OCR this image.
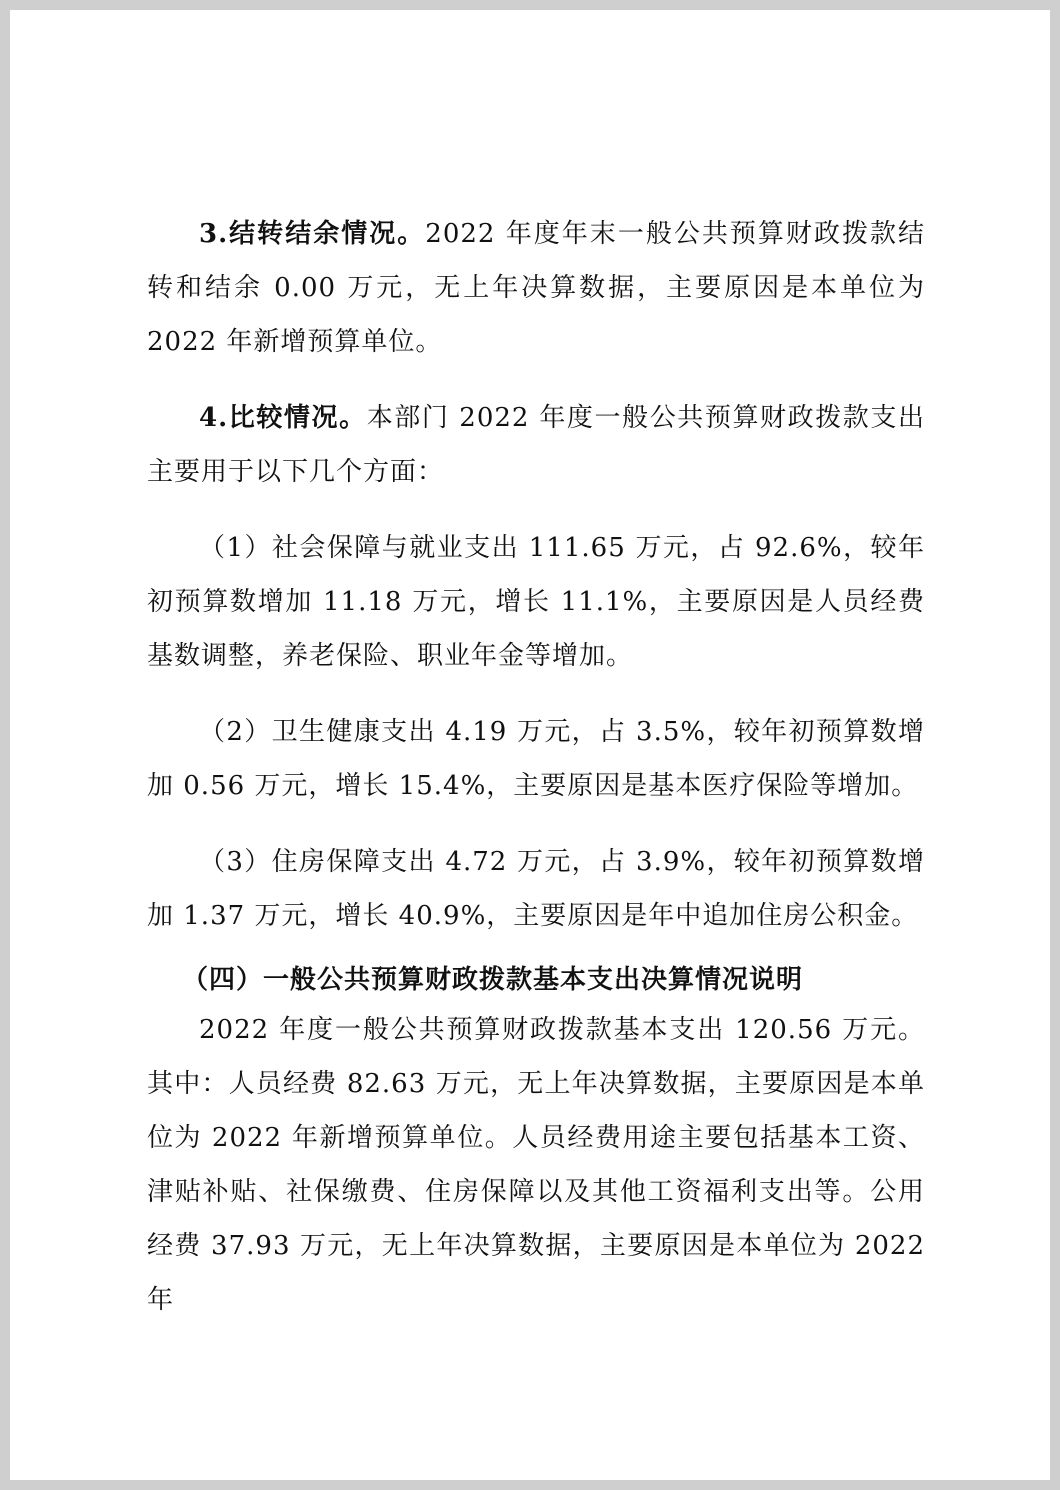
3.结转结余情况。2022 年度年末一般公共预算财政拨款结转和结余 0.00 万元，无上年决算数据，主要原因是本单位为 2022 年新增预算单位。

4.比较情况。本部门 2022 年度一般公共预算财政拨款支出主要用于以下几个方面：

（1）社会保障与就业支出 111.65 万元，占 92.6%，较年初预算数增加 11.18 万元，增长 11.1%，主要原因是人员经费基数调整，养老保险、职业年金等增加。

（2）卫生健康支出 4.19 万元，占 3.5%，较年初预算数增加 0.56 万元，增长 15.4%，主要原因是基本医疗保险等增加。

（3）住房保障支出 4.72 万元，占 3.9%，较年初预算数增加 1.37 万元，增长 40.9%，主要原因是年中追加住房公积金。

（四）一般公共预算财政拨款基本支出决算情况说明

2022 年度一般公共预算财政拨款基本支出 120.56 万元。其中：人员经费 82.63 万元，无上年决算数据，主要原因是本单位为 2022 年新增预算单位。人员经费用途主要包括基本工资、津贴补贴、社保缴费、住房保障以及其他工资福利支出等。公用经费 37.93 万元，无上年决算数据，主要原因是本单位为 2022 年
